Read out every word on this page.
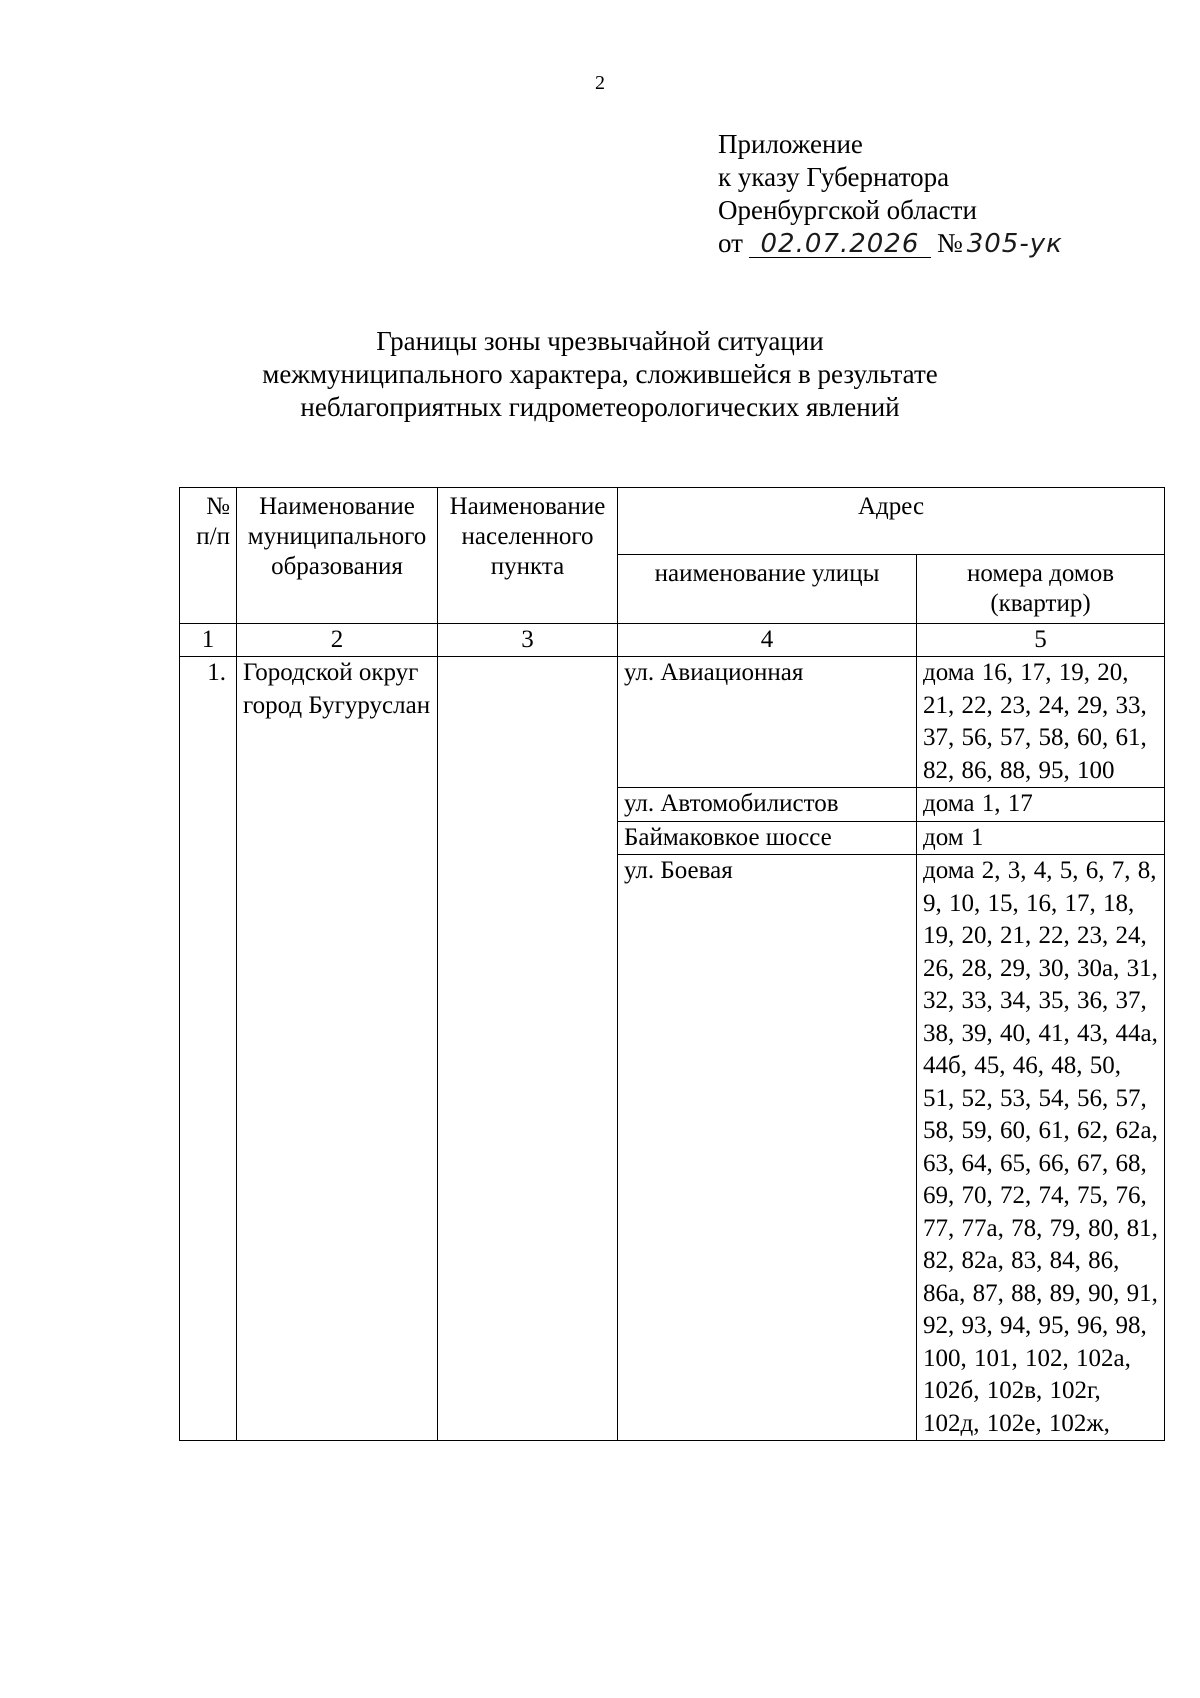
2
Приложение
к указу Губернатора
Оренбургской области
от 02.07.2026 № 305-ук
Границы зоны чрезвычайной ситуации
межмуниципального характера, сложившейся в результате
неблагоприятных гидрометеорологических явлений
№ п/п	Наименование муниципального образования	Наименование населенного пункта	Адрес	
			наименование улицы	номера домов (квартир)
1	2	3	4	5
1.	Городской округ город Бугуруслан		ул. Авиационная	дома 16, 17, 19, 20, 21, 22, 23, 24, 29, 33, 37, 56, 57, 58, 60, 61, 82, 86, 88, 95, 100
			ул. Автомобилистов	дома 1, 17
			Баймаковкое шоссе	дом 1
			ул. Боевая	дома 2, 3, 4, 5, 6, 7, 8, 9, 10, 15, 16, 17, 18, 19, 20, 21, 22, 23, 24, 26, 28, 29, 30, 30а, 31, 32, 33, 34, 35, 36, 37, 38, 39, 40, 41, 43, 44а, 44б, 45, 46, 48, 50, 51, 52, 53, 54, 56, 57, 58, 59, 60, 61, 62, 62а, 63, 64, 65, 66, 67, 68, 69, 70, 72, 74, 75, 76, 77, 77а, 78, 79, 80, 81, 82, 82а, 83, 84, 86, 86а, 87, 88, 89, 90, 91, 92, 93, 94, 95, 96, 98, 100, 101, 102, 102а, 102б, 102в, 102г, 102д, 102е, 102ж,
